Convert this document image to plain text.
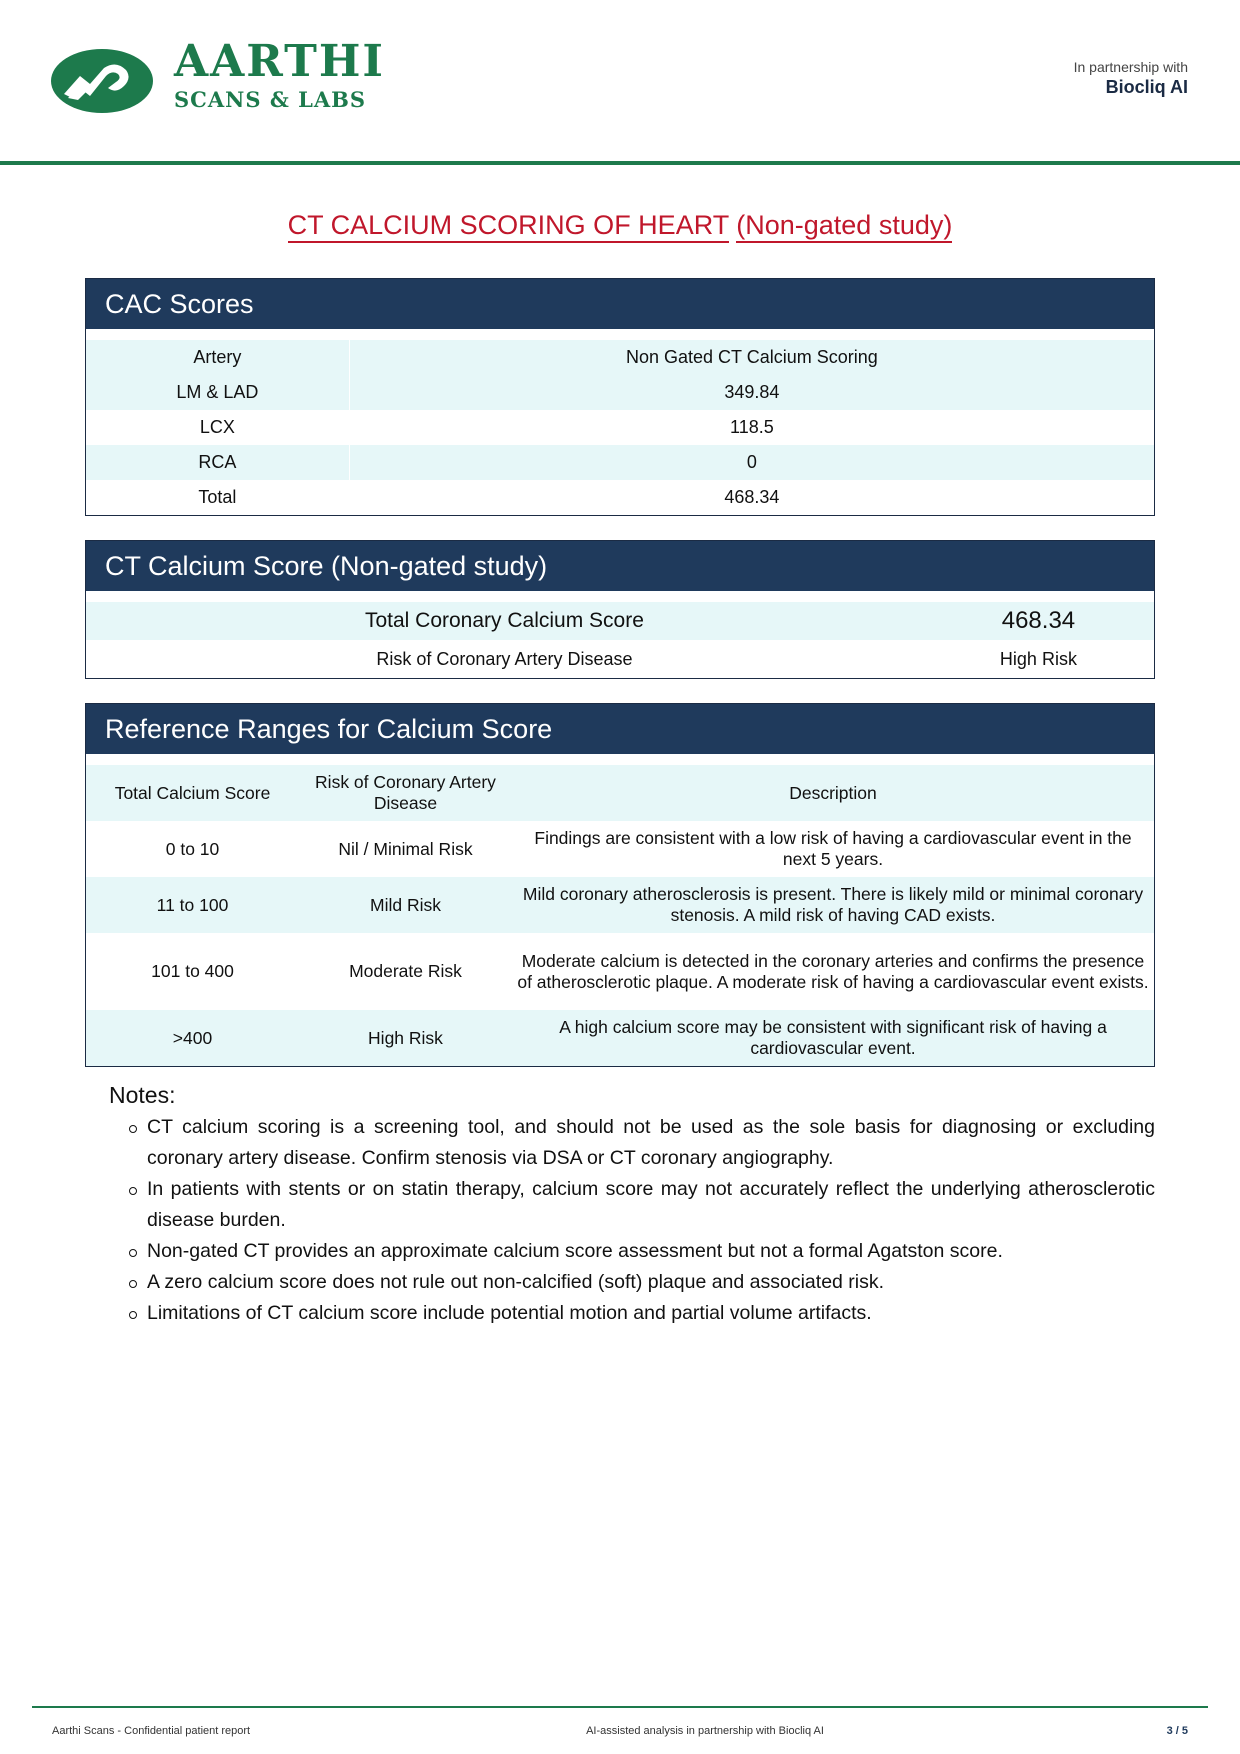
AARTHI
SCANS & LABS
In partnership with
Biocliq AI
CT CALCIUM SCORING OF HEART (Non-gated study)
CAC Scores
Artery	Non Gated CT Calcium Scoring
LM & LAD	349.84
LCX	118.5
RCA	0
Total	468.34
CT Calcium Score (Non-gated study)
Total Coronary Calcium Score	468.34
Risk of Coronary Artery Disease	High Risk
Reference Ranges for Calcium Score
Total Calcium Score	Risk of Coronary Artery Disease	Description
0 to 10	Nil / Minimal Risk	Findings are consistent with a low risk of having a cardiovascular event in the next 5 years.
11 to 100	Mild Risk	Mild coronary atherosclerosis is present. There is likely mild or minimal coronary stenosis. A mild risk of having CAD exists.
101 to 400	Moderate Risk	Moderate calcium is detected in the coronary arteries and confirms the presence of atherosclerotic plaque. A moderate risk of having a cardiovascular event exists.
>400	High Risk	A high calcium score may be consistent with significant risk of having a cardiovascular event.
Notes:
CT calcium scoring is a screening tool, and should not be used as the sole basis for diagnosing or excluding coronary artery disease. Confirm stenosis via DSA or CT coronary angiography.
In patients with stents or on statin therapy, calcium score may not accurately reflect the underlying atherosclerotic disease burden.
Non-gated CT provides an approximate calcium score assessment but not a formal Agatston score.
A zero calcium score does not rule out non-calcified (soft) plaque and associated risk.
Limitations of CT calcium score include potential motion and partial volume artifacts.
Aarthi Scans - Confidential patient report	AI-assisted analysis in partnership with Biocliq AI	3 / 5
